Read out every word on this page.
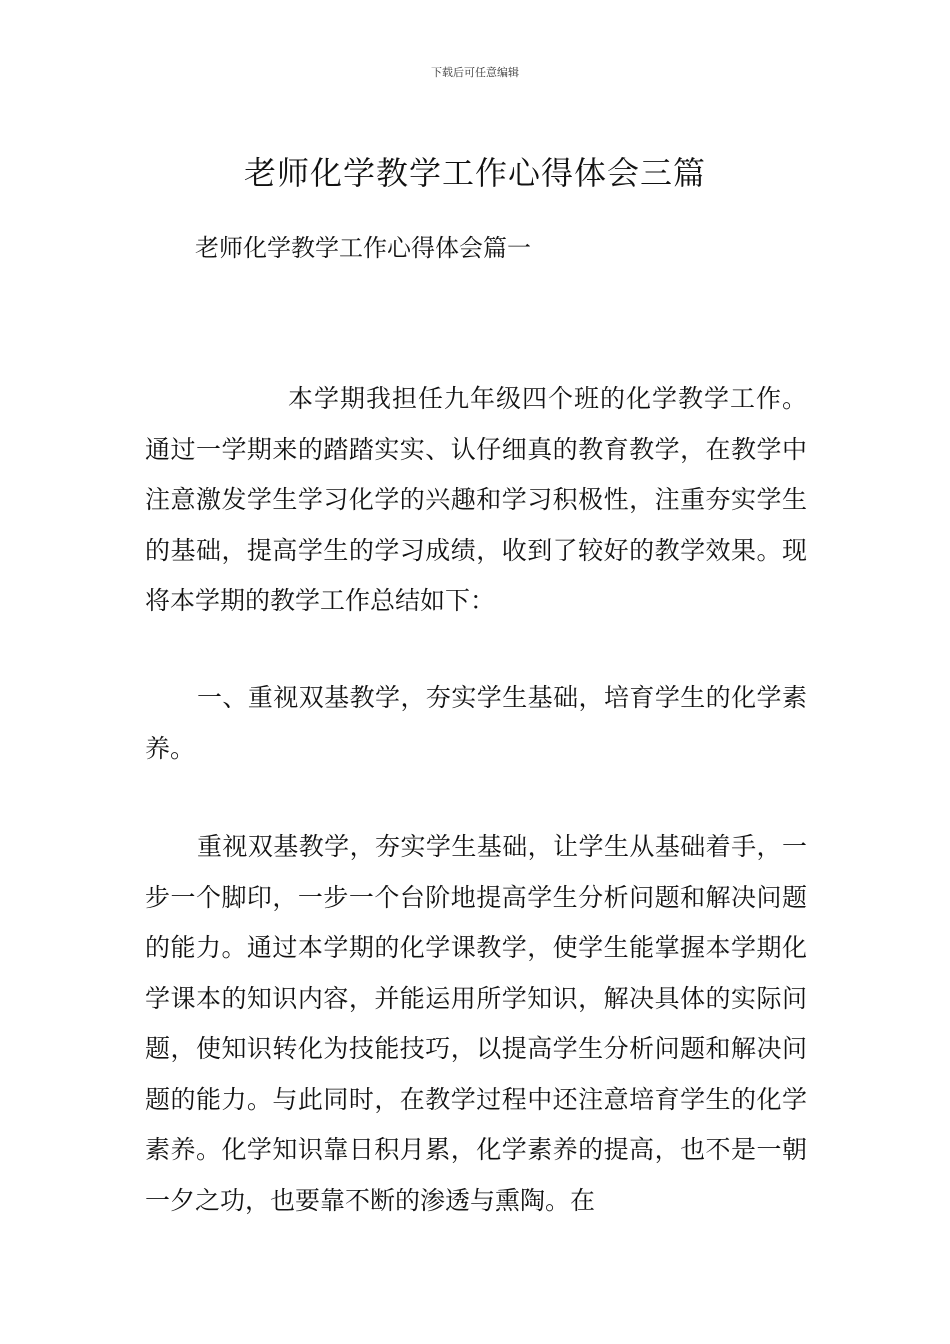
下载后可任意编辑
老师化学教学工作心得体会三篇
老师化学教学工作心得体会篇一

本学期我担任九年级四个班的化学教学工作。通过一学期来的踏踏实实、认仔细真的教育教学，在教学中注意激发学生学习化学的兴趣和学习积极性，注重夯实学生的基础，提高学生的学习成绩，收到了较好的教学效果。现将本学期的教学工作总结如下：

一、重视双基教学，夯实学生基础，培育学生的化学素养。

重视双基教学，夯实学生基础，让学生从基础着手，一步一个脚印，一步一个台阶地提高学生分析问题和解决问题的能力。通过本学期的化学课教学，使学生能掌握本学期化学课本的知识内容，并能运用所学知识，解决具体的实际问题，使知识转化为技能技巧，以提高学生分析问题和解决问题的能力。与此同时，在教学过程中还注意培育学生的化学素养。化学知识靠日积月累，化学素养的提高，也不是一朝一夕之功，也要靠不断的渗透与熏陶。在
